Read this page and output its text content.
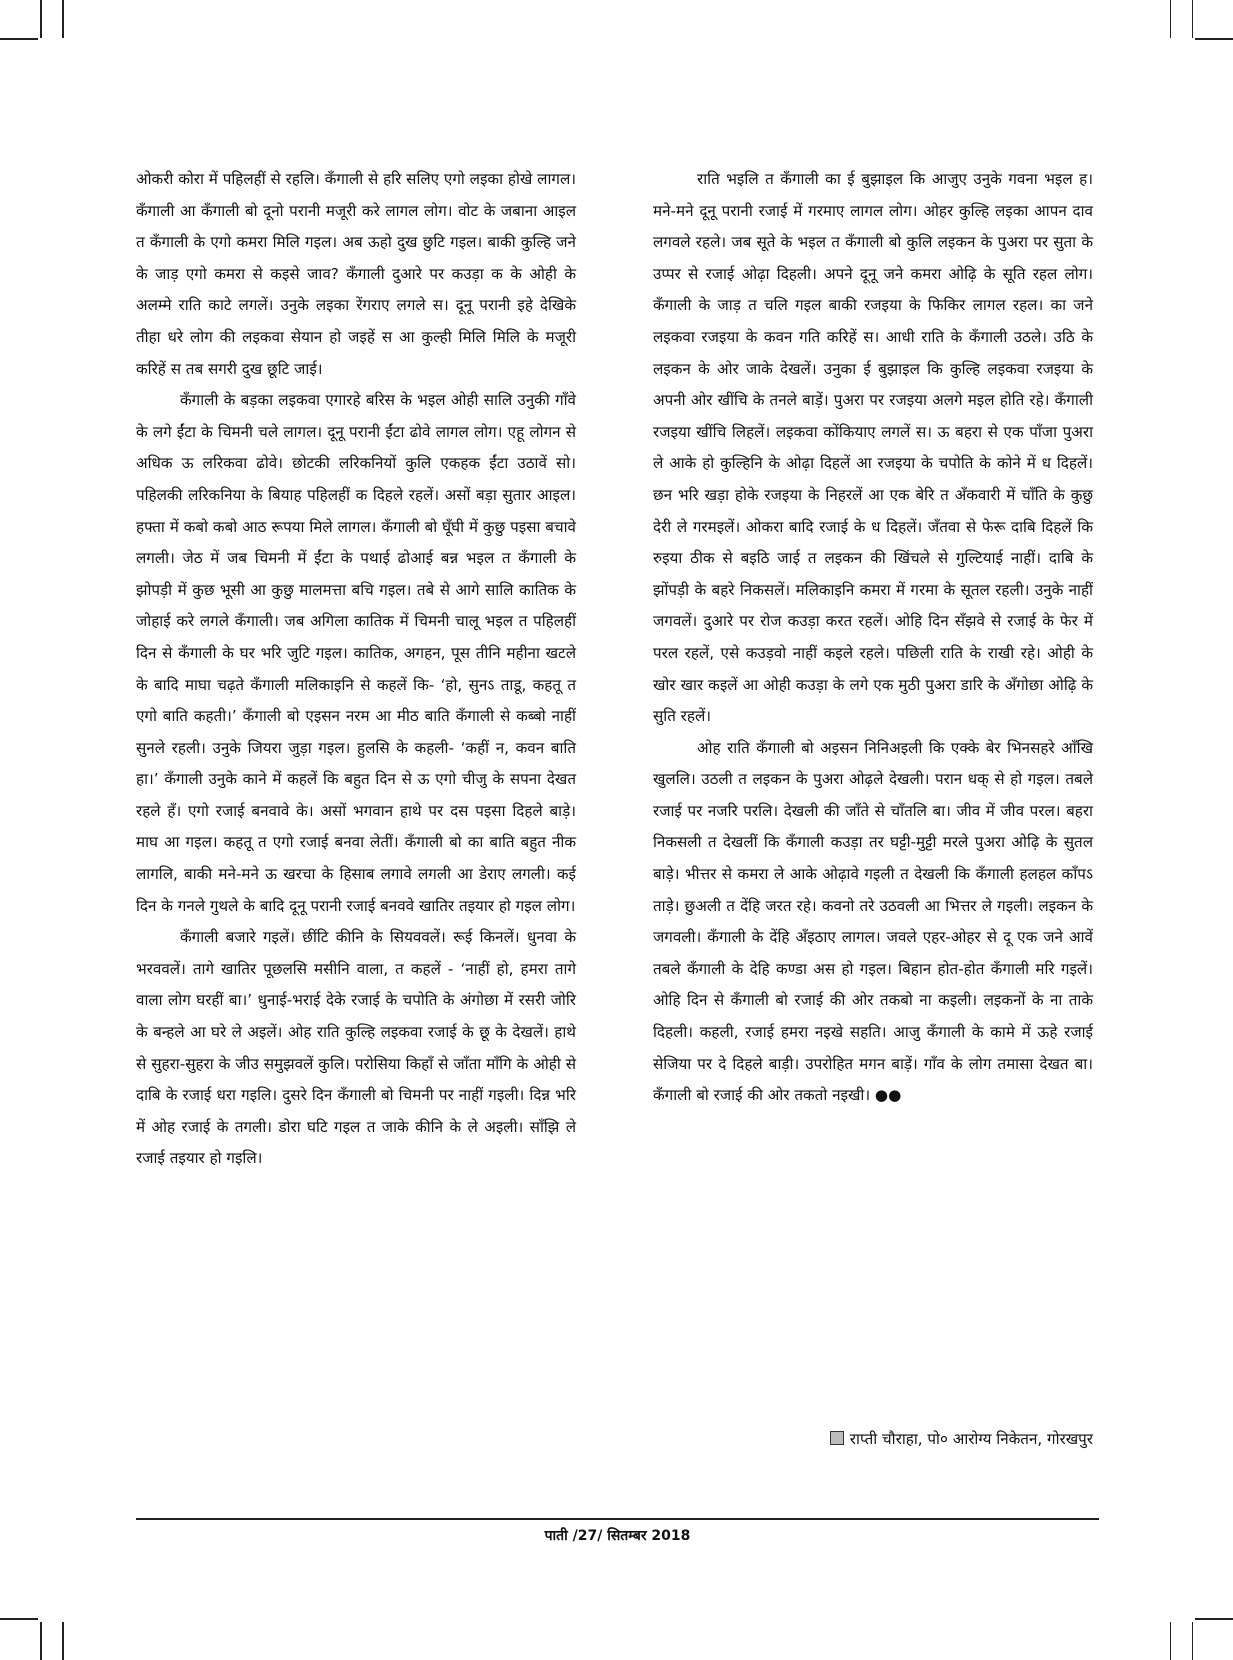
ओकरी कोरा में पहिलहीं से रहलि। कँगाली से हरि सलिए एगो लइका होखे लागल। कँगाली आ कँगाली बो दूनो परानी मजूरी करे लागल लोग। वोट के जबाना आइल त कँगाली के एगो कमरा मिलि गइल। अब ऊहो दुख छुटि गइल। बाकी कुल्हि जने के जाड़ एगो कमरा से कइसे जाव? कँगाली दुआरे पर कउड़ा क के ओही के अलम्मे राति काटे लगलें। उनुके लइका रेंगराए लगले स। दूनू परानी इहे देखिके तीहा धरे लोग की लइकवा सेयान हो जइहें स आ कुल्ही मिलि मिलि के मजूरी करिहें स तब सगरी दुख छूटि जाई।

कँगाली के बड़का लइकवा एगारहे बरिस के भइल ओही सालि उनुकी गाँवे के लगे ईंटा के चिमनी चले लागल। दूनू परानी ईंटा ढोवे लागल लोग। एहू लोगन से अधिक ऊ लरिकवा ढोवे। छोटकी लरिकनियों कुलि एकहक ईंटा उठावें सो। पहिलकी लरिकनिया के बियाह पहिलहीं क दिहले रहलें। असों बड़ा सुतार आइल। हफ्ता में कबो कबो आठ रूपया मिले लागल। कँगाली बो घूँघी में कुछु पइसा बचावे लगली। जेठ में जब चिमनी में ईंटा के पथाई ढोआई बन्न भइल त कँगाली के झोपड़ी में कुछ भूसी आ कुछु मालमत्ता बचि गइल। तबे से आगे सालि कातिक के जोहाई करे लगले कँगाली। जब अगिला कातिक में चिमनी चालू भइल त पहिलहीं दिन से कँगाली के घर भरि जुटि गइल। कातिक, अगहन, पूस तीनि महीना खटले के बादि माघा चढ़ते कँगाली मलिकाइनि से कहलें कि- ‘हो, सुनऽ ताडू, कहतू त एगो बाति कहती।’ कँगाली बो एइसन नरम आ मीठ बाति कँगाली से कब्बो नाहीं सुनले रहली। उनुके जियरा जुड़ा गइल। हुलसि के कहली- ‘कहीं न, कवन बाति हा।’ कँगाली उनुके काने में कहलें कि बहुत दिन से ऊ एगो चीजु के सपना देखत रहले हँ। एगो रजाई बनवावे के। असों भगवान हाथे पर दस पइसा दिहले बाड़े। माघ आ गइल। कहतू त एगो रजाई बनवा लेतीं। कँगाली बो का बाति बहुत नीक लागलि, बाकी मने-मने ऊ खरचा के हिसाब लगावे लगली आ डेराए लगली। कई दिन के गनले गुथले के बादि दूनू परानी रजाई बनववे खातिर तइयार हो गइल लोग।

कँगाली बजारे गइलें। छींटि कीनि के सियववलें। रूई किनलें। धुनवा के भरववलें। तागे खातिर पूछलसि मसीनि वाला, त कहलें - ‘नाहीं हो, हमरा तागे वाला लोग घरहीं बा।’ धुनाई-भराई देके रजाई के चपोति के अंगोछा में रसरी जोरि के बन्हले आ घरे ले अइलें। ओह राति कुल्हि लइकवा रजाई के छू के देखलें। हाथे से सुहरा-सुहरा के जीउ समुझवलें कुलि। परोसिया किहाँ से जाँता माँगि के ओही से दाबि के रजाई धरा गइलि। दुसरे दिन कँगाली बो चिमनी पर नाहीं गइली। दिन्न भरि में ओह रजाई के तगली। डोरा घटि गइल त जाके कीनि के ले अइली। साँझि ले रजाई तइयार हो गइलि।

राति भइलि त कँगाली का ई बुझाइल कि आजुए उनुके गवना भइल ह। मने-मने दूनू परानी रजाई में गरमाए लागल लोग। ओहर कुल्हि लइका आपन दाव लगवले रहले। जब सूते के भइल त कँगाली बो कुलि लइकन के पुअरा पर सुता के उप्पर से रजाई ओढ़ा दिहली। अपने दूनू जने कमरा ओढ़ि के सूति रहल लोग। कँगाली के जाड़ त चलि गइल बाकी रजइया के फिकिर लागल रहल। का जने लइकवा रजइया के कवन गति करिहें स। आधी राति के कँगाली उठले। उठि के लइकन के ओर जाके देखलें। उनुका ई बुझाइल कि कुल्हि लइकवा रजइया के अपनी ओर खींचि के तनले बाड़ें। पुअरा पर रजइया अलगे मइल होति रहे। कँगाली रजइया खींचि लिहलें। लइकवा कोंकियाए लगलें स। ऊ बहरा से एक पाँजा पुअरा ले आके हो कुल्हिनि के ओढ़ा दिहलें आ रजइया के चपोति के कोने में ध दिहलें। छन भरि खड़ा होके रजइया के निहरलें आ एक बेरि त अँकवारी में चाँति के कुछु देरी ले गरमइलें। ओकरा बादि रजाई के ध दिहलें। जँतवा से फेरू दाबि दिहलें कि रुइया ठीक से बइठि जाई त लइकन की खिंचले से गुल्टियाई नाहीं। दाबि के झोंपड़ी के बहरे निकसलें। मलिकाइनि कमरा में गरमा के सूतल रहली। उनुके नाहीं जगवलें। दुआरे पर रोज कउड़ा करत रहलें। ओहि दिन सँझवे से रजाई के फेर में परल रहलें, एसे कउड़वो नाहीं कइले रहले। पछिली राति के राखी रहे। ओही के खोर खार कइलें आ ओही कउड़ा के लगे एक मुठी पुअरा डारि के अँगोछा ओढ़ि के सुति रहलें।

ओह राति कँगाली बो अइसन निनिअइली कि एक्के बेर भिनसहरे आँखि खुललि। उठली त लइकन के पुअरा ओढ़ले देखली। परान धक् से हो गइल। तबले रजाई पर नजरि परलि। देखली की जाँते से चाँतलि बा। जीव में जीव परल। बहरा निकसली त देखलीं कि कँगाली कउड़ा तर घट्टी-मुट्टी मरले पुअरा ओढ़ि के सुतल बाड़े। भीत्तर से कमरा ले आके ओढ़ावे गइली त देखली कि कँगाली हलहल काँपऽ ताड़े। छुअली त देंहि जरत रहे। कवनो तरे उठवली आ भित्तर ले गइली। लइकन के जगवली। कँगाली के देंहि अँइठाए लागल। जवले एहर-ओहर से दू एक जने आवें तबले कँगाली के देहि कण्डा अस हो गइल। बिहान होत-होत कँगाली मरि गइलें। ओहि दिन से कँगाली बो रजाई की ओर तकबो ना कइली। लइकनों के ना ताके दिहली। कहली, रजाई हमरा नइखे सहति। आजु कँगाली के कामे में ऊहे रजाई सेजिया पर दे दिहले बाड़ी। उपरोहित मगन बाड़ें। गाँव के लोग तमासा देखत बा। कँगाली बो रजाई की ओर तकतो नइखी। ●●

राप्ती चौराहा, पो० आरोग्य निकेतन, गोरखपुर
पाती /27/ सितम्बर 2018
